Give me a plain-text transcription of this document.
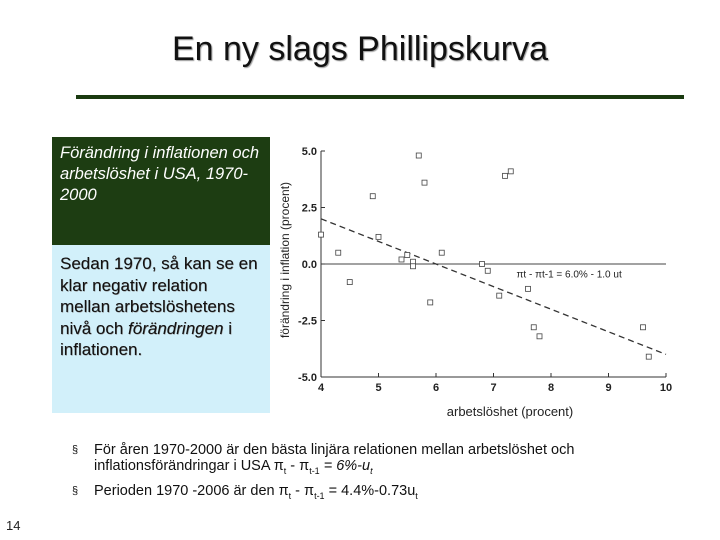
En ny slags Phillipskurva
Förändring i inflationen och arbetslöshet i USA, 1970-2000
Sedan 1970, så kan se en klar negativ relation mellan arbetslöshetens nivå och förändringen i inflationen.
förändring i inflation (procent)
5.0
2.5
0.0
-2.5
-5.0
4	5	6	7	8	9	10
πt - πt-1 = 6.0% - 1.0 ut
arbetslöshet (procent)
§ För åren 1970-2000 är den bästa linjära relationen mellan arbetslöshet och inflationsförändringar i USA $\pi_t - \pi_{t-1} = 6\%-u_t$
§ Perioden 1970 -2006 är den $\pi_t - \pi_{t-1} = 4.4\%-0.73u_t$
14
